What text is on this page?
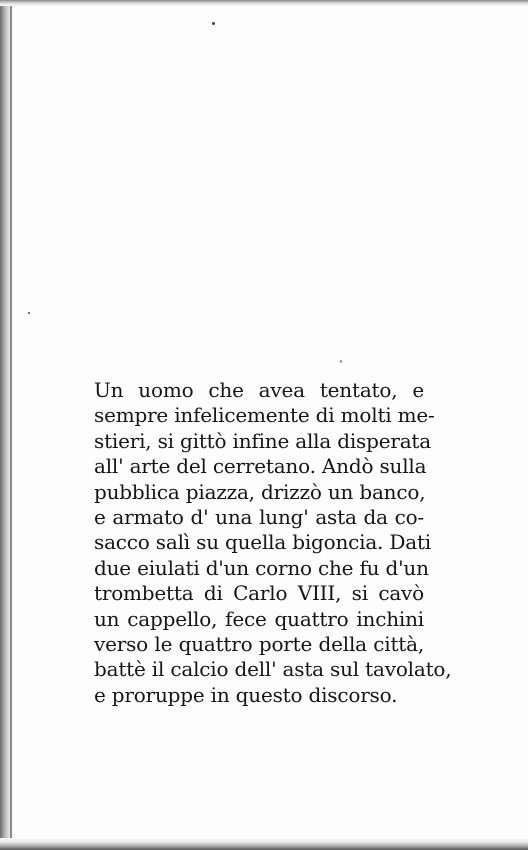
Un uomo che avea tentato, e
sempre infelicemente di molti me-
stieri, si gittò infine alla disperata
all' arte del cerretano. Andò sulla
pubblica piazza, drizzò un banco,
e armato d' una lung' asta da co-
sacco salì su quella bigoncia. Dati
due eiulati d'un corno che fu d'un
trombetta di Carlo VIII, si cavò
un cappello, fece quattro inchini
verso le quattro porte della città,
battè il calcio dell' asta sul tavolato,
e proruppe in questo discorso.
